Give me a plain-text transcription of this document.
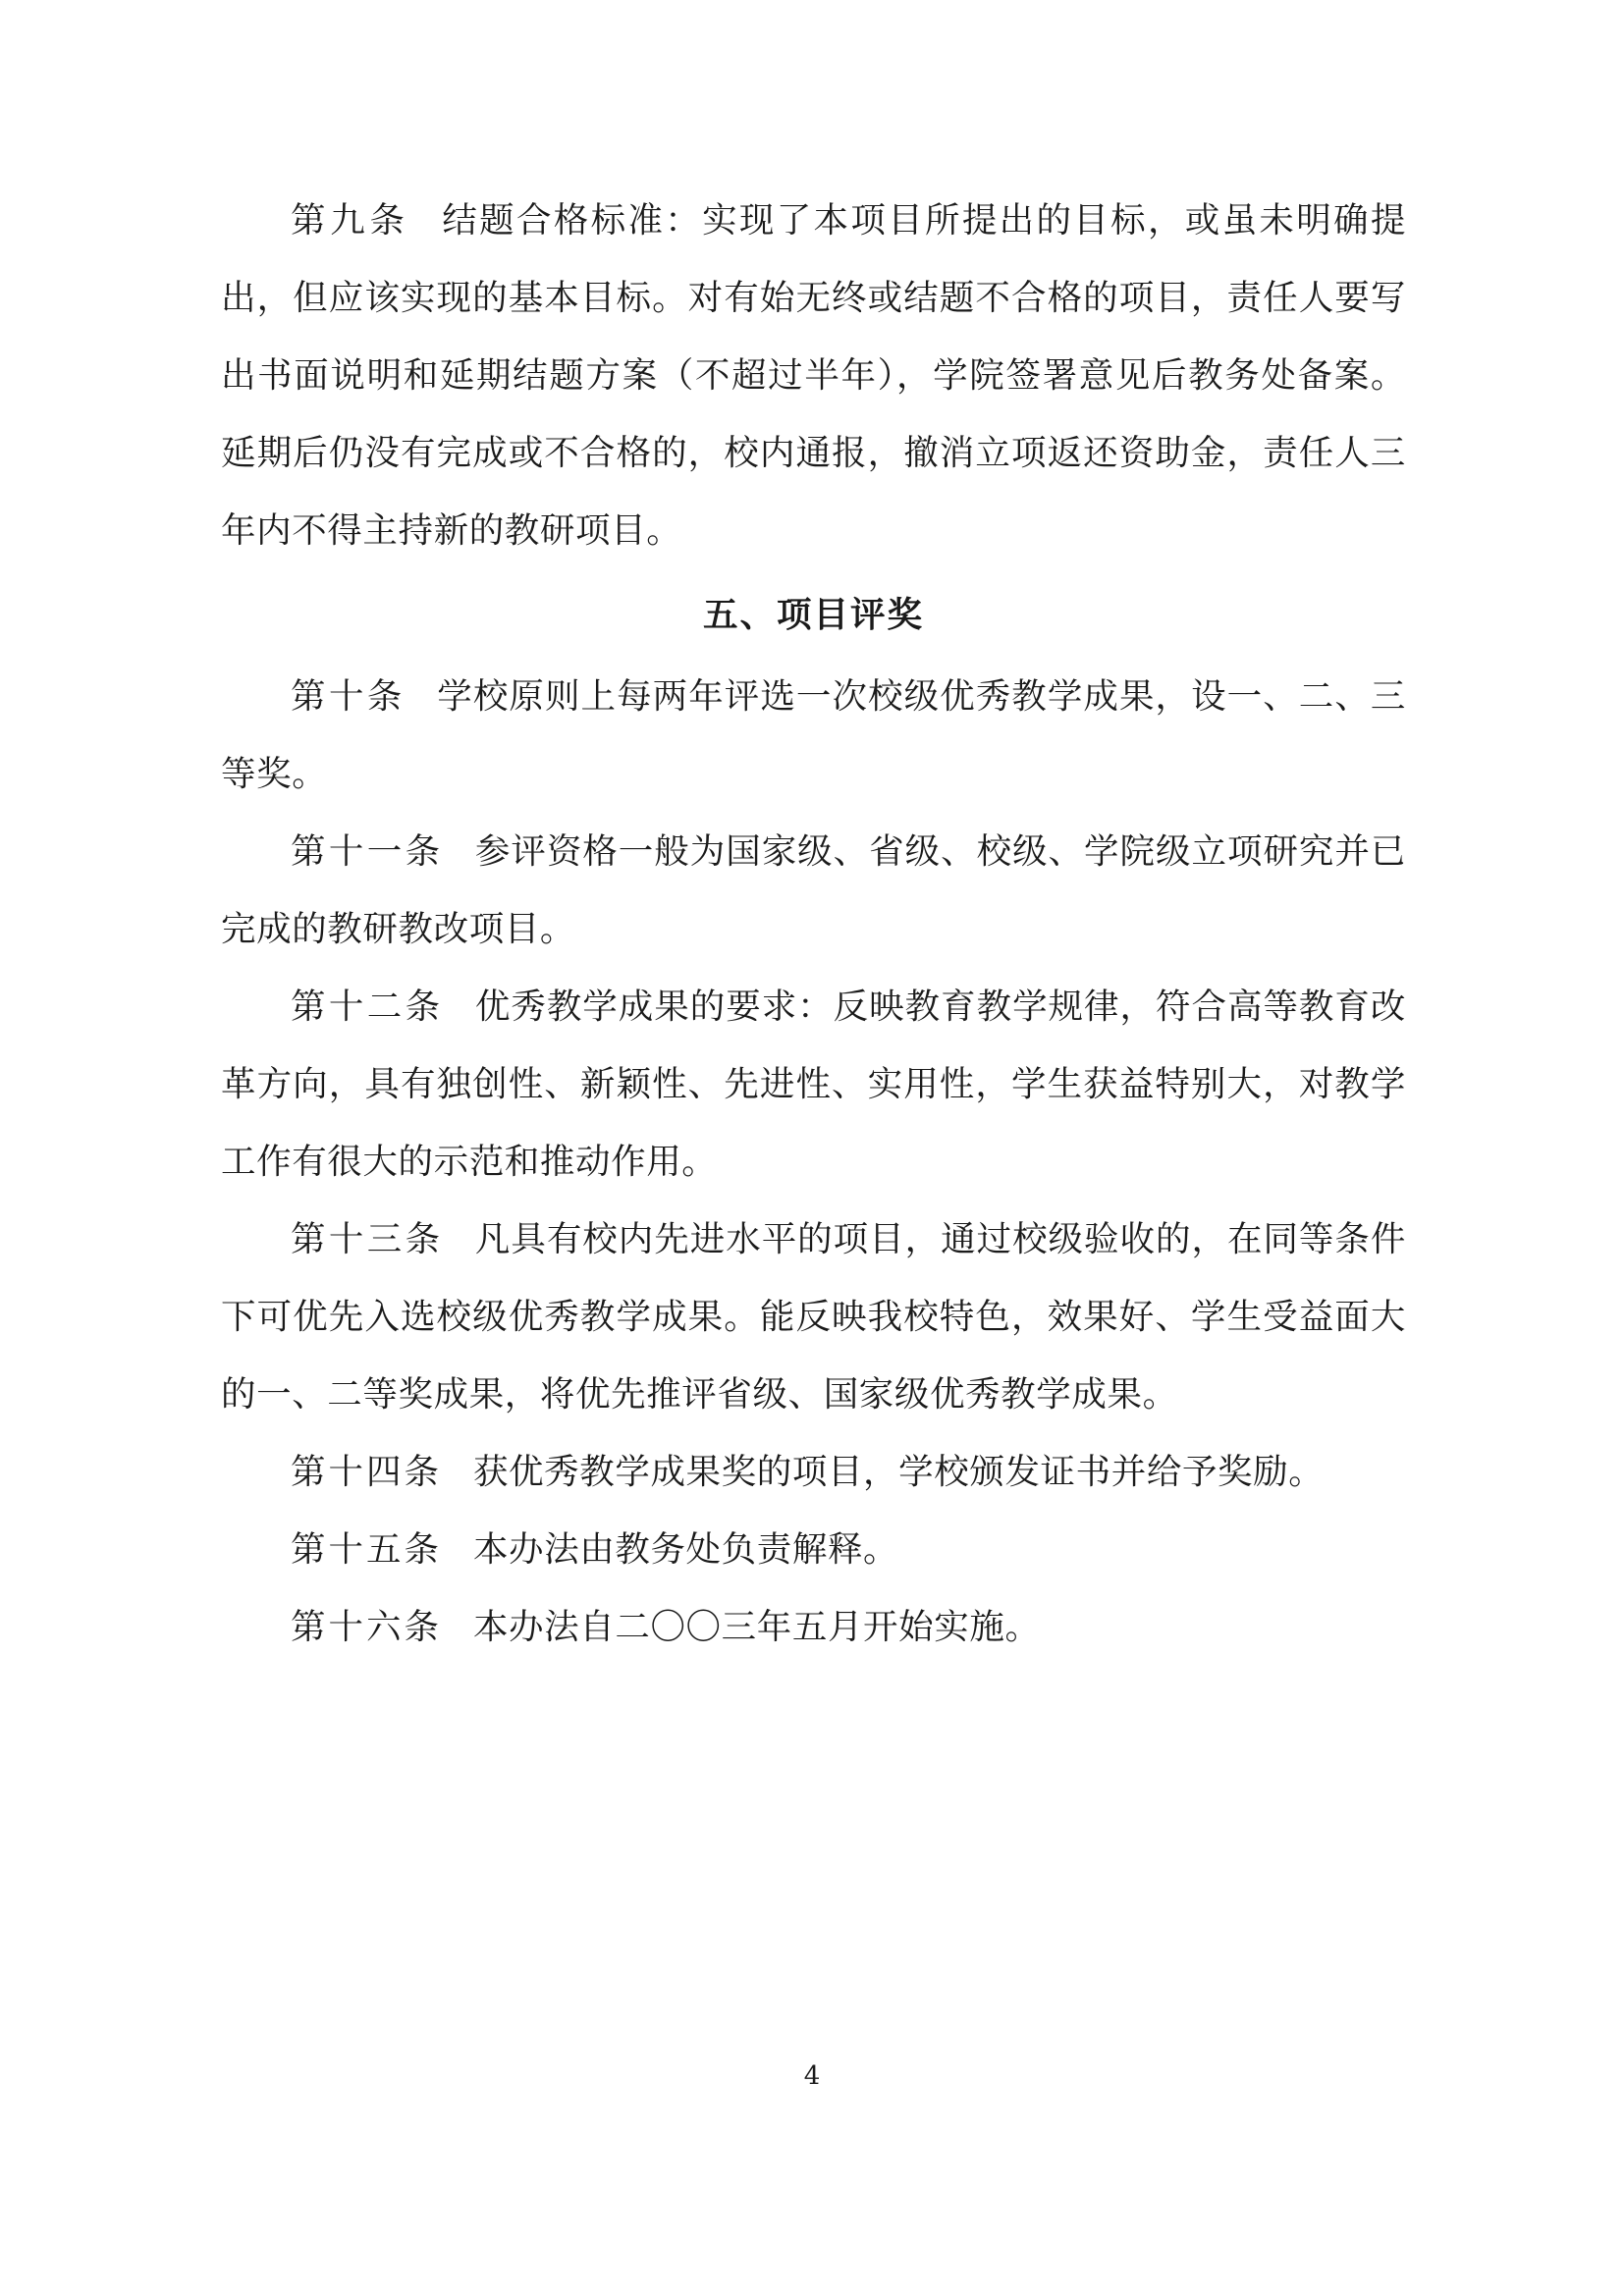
第九条 结题合格标准：实现了本项目所提出的目标，或虽未明确提出，但应该实现的基本目标。对有始无终或结题不合格的项目，责任人要写出书面说明和延期结题方案（不超过半年），学院签署意见后教务处备案。延期后仍没有完成或不合格的，校内通报，撤消立项返还资助金，责任人三年内不得主持新的教研项目。

五、项目评奖

第十条 学校原则上每两年评选一次校级优秀教学成果，设一、二、三等奖。

第十一条 参评资格一般为国家级、省级、校级、学院级立项研究并已完成的教研教改项目。

第十二条 优秀教学成果的要求：反映教育教学规律，符合高等教育改革方向，具有独创性、新颖性、先进性、实用性，学生获益特别大，对教学工作有很大的示范和推动作用。

第十三条 凡具有校内先进水平的项目，通过校级验收的，在同等条件下可优先入选校级优秀教学成果。能反映我校特色，效果好、学生受益面大的一、二等奖成果，将优先推评省级、国家级优秀教学成果。

第十四条 获优秀教学成果奖的项目，学校颁发证书并给予奖励。

第十五条 本办法由教务处负责解释。

第十六条 本办法自二〇〇三年五月开始实施。

4
